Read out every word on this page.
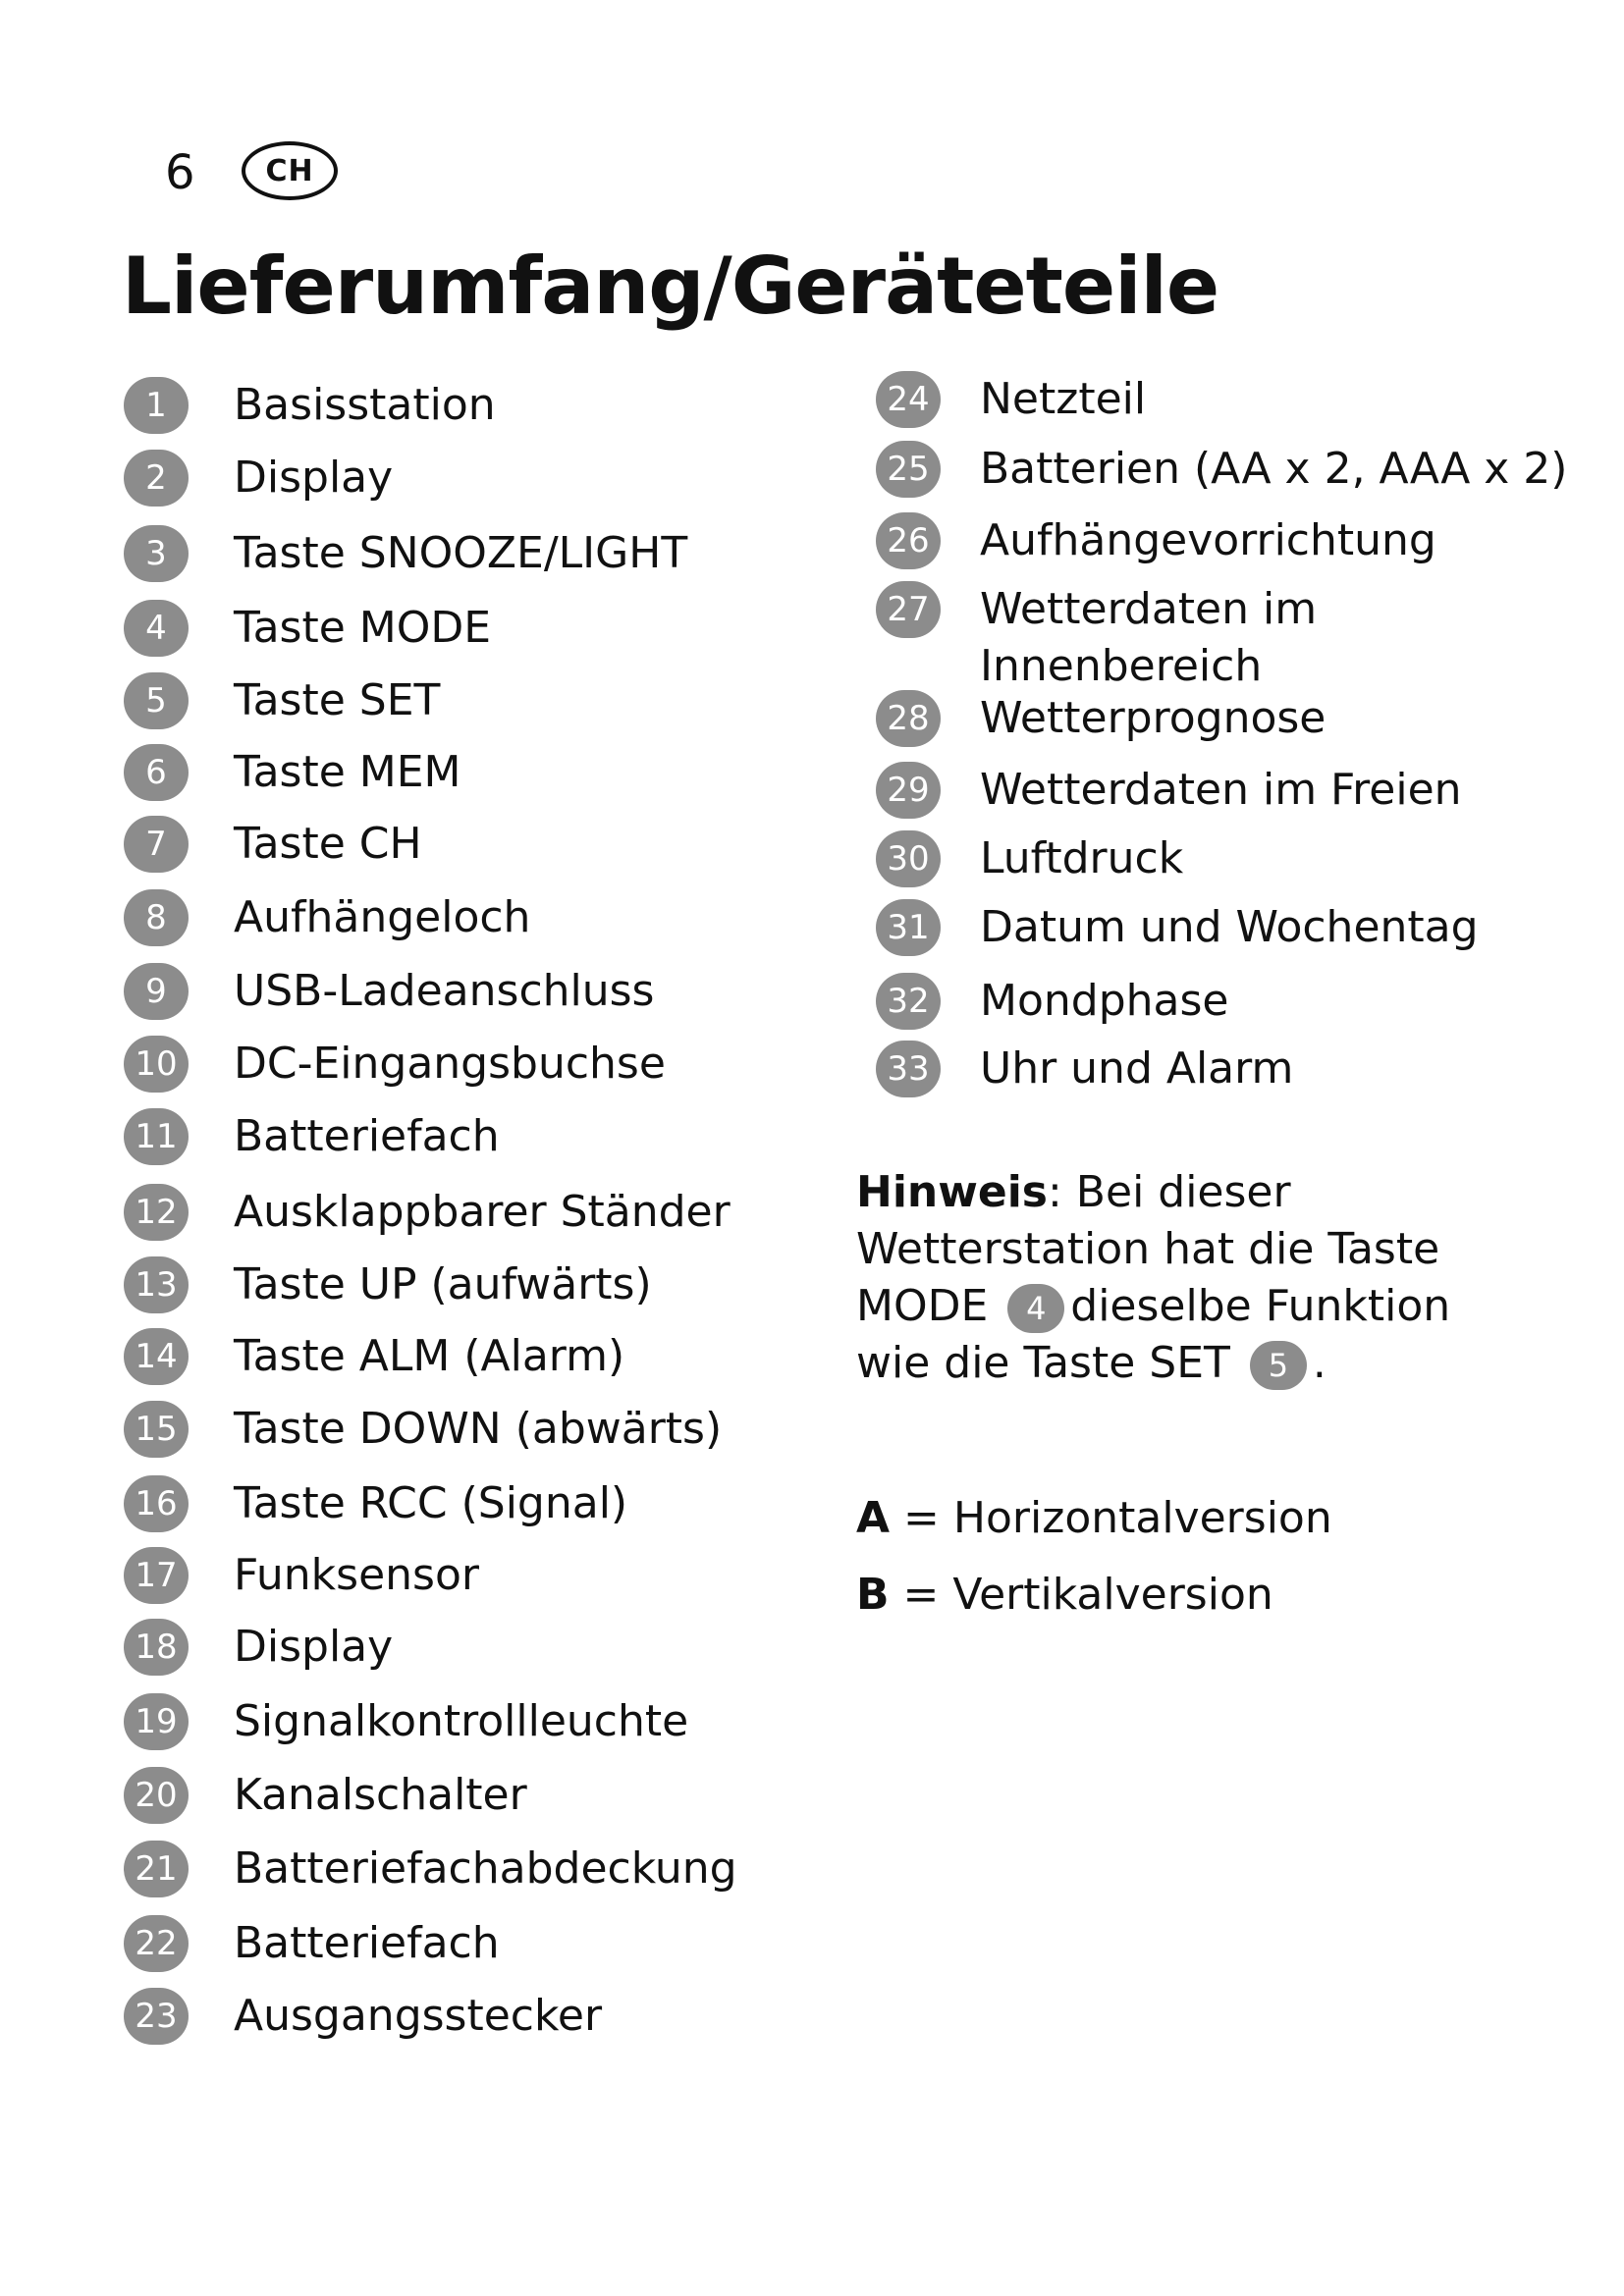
6	CH
Lieferumfang/Geräteteile
1	Basisstation
2	Display
3	Taste SNOOZE/LIGHT
4	Taste MODE
5	Taste SET
6	Taste MEM
7	Taste CH
8	Aufhängeloch
9	USB-Ladeanschluss
10 DC-Eingangsbuchse
11 Batteriefach
12 Ausklappbarer Ständer
13 Taste UP (aufwärts)
14 Taste ALM (Alarm)
15 Taste DOWN (abwärts)
16 Taste RCC (Signal)
17 Funksensor
18 Display
19 Signalkontrollleuchte
20 Kanalschalter
21 Batteriefachabdeckung
22 Batteriefach
23 Ausgangsstecker
24 Netzteil
25 Batterien (AA x 2, AAA x 2)
26 Aufhängevorrichtung
27 Wetterdaten im
Innenbereich
28 Wetterprognose
29 Wetterdaten im Freien
30 Luftdruck
31 Datum und Wochentag
32 Mondphase
33 Uhr und Alarm
Hinweis: Bei dieser
Wetterstation hat die Taste
MODE 4 dieselbe Funktion
wie die Taste SET 5 .
A = Horizontalversion
B = Vertikalversion
